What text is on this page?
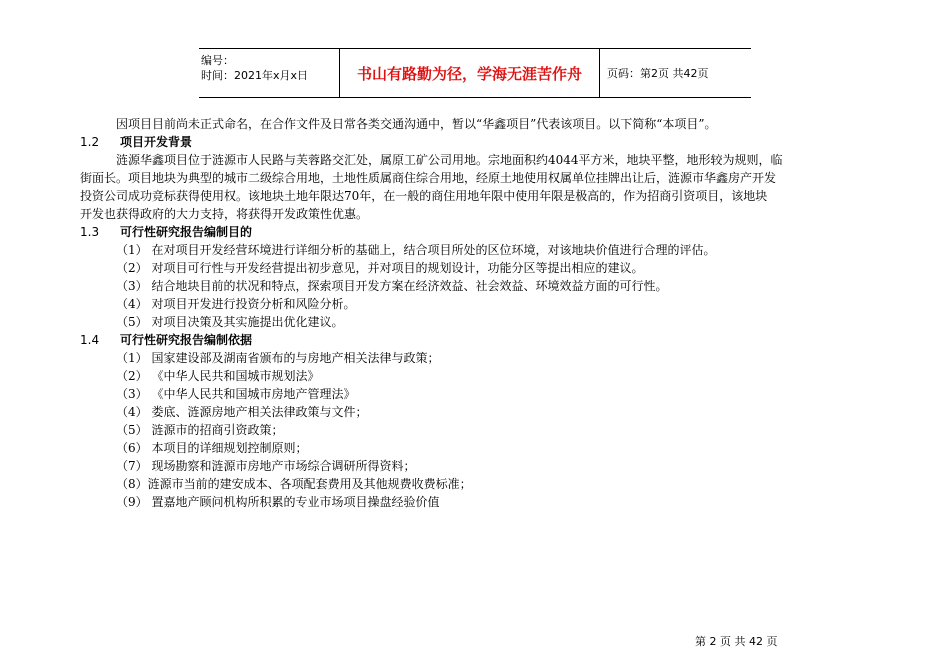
编号：
时间：2021年x月x日	书山有路勤为径，学海无涯苦作舟	页码：第2页 共42页
因项目目前尚未正式命名，在合作文件及日常各类交通沟通中，暂以“华鑫项目”代表该项目。以下简称“本项目”。
1.2 项目开发背景
涟源华鑫项目位于涟源市人民路与芙蓉路交汇处，属原工矿公司用地。宗地面积约4044平方米，地块平整，地形较为规则，临
街面长。项目地块为典型的城市二级综合用地，土地性质属商住综合用地，经原土地使用权属单位挂牌出让后，涟源市华鑫房产开发
投资公司成功竞标获得使用权。该地块土地年限达70年，在一般的商住用地年限中使用年限是极高的，作为招商引资项目，该地块
开发也获得政府的大力支持，将获得开发政策性优惠。
1.3 可行性研究报告编制目的
（1） 在对项目开发经营环境进行详细分析的基础上，结合项目所处的区位环境，对该地块价值进行合理的评估。
（2） 对项目可行性与开发经营提出初步意见，并对项目的规划设计，功能分区等提出相应的建议。
（3） 结合地块目前的状况和特点，探索项目开发方案在经济效益、社会效益、环境效益方面的可行性。
（4） 对项目开发进行投资分析和风险分析。
（5） 对项目决策及其实施提出优化建议。
1.4 可行性研究报告编制依据
（1） 国家建设部及湖南省颁布的与房地产相关法律与政策；
（2） 《中华人民共和国城市规划法》
（3） 《中华人民共和国城市房地产管理法》
（4） 娄底、涟源房地产相关法律政策与文件；
（5） 涟源市的招商引资政策；
（6） 本项目的详细规划控制原则；
（7） 现场勘察和涟源市房地产市场综合调研所得资料；
（8）涟源市当前的建安成本、各项配套费用及其他规费收费标准；
（9） 置嘉地产顾问机构所积累的专业市场项目操盘经验价值
第 2 页 共 42 页
